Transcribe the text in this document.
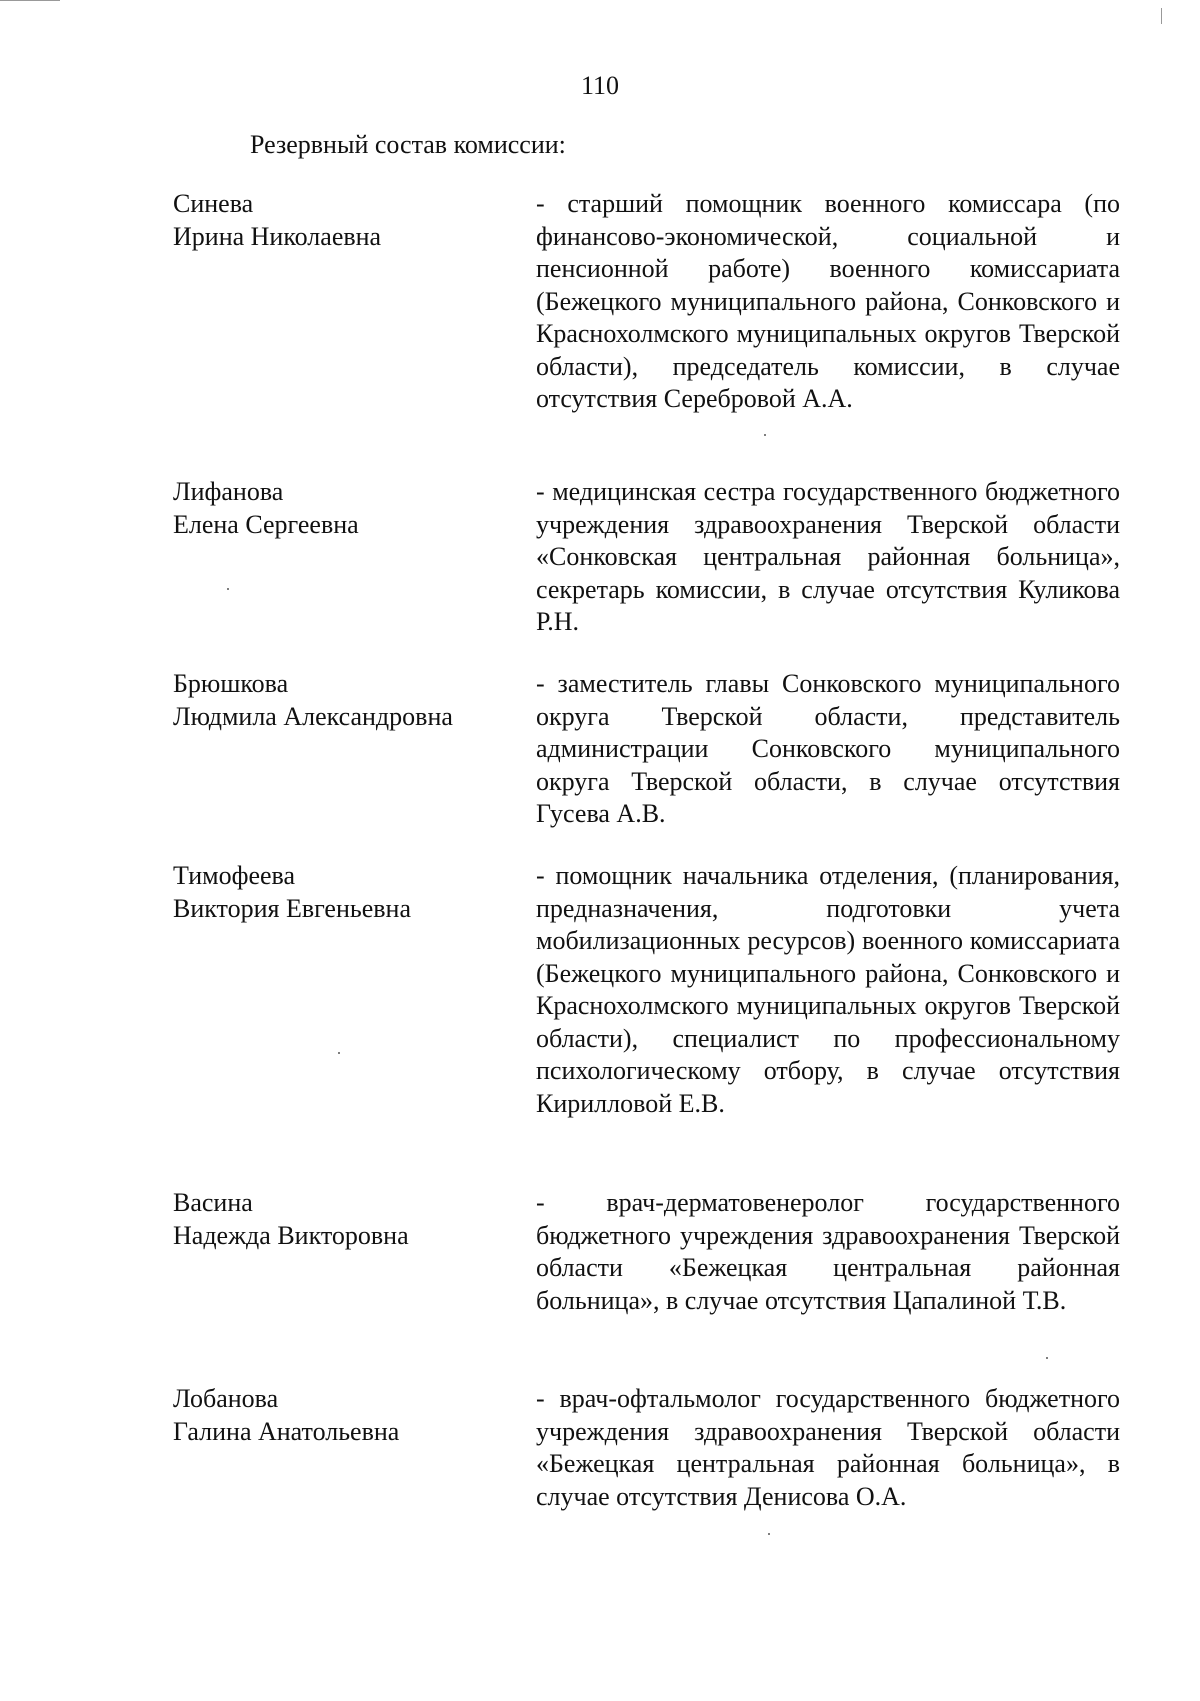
110
Резервный состав комиссии:
Синева
Ирина Николаевна
- старший помощник военного комиссара (по финансово-экономической, социальной и пенсионной работе) военного комиссариата (Бежецкого муниципального района, Сонковского и Краснохолмского муниципальных округов Тверской области), председатель комиссии, в случае отсутствия Серебровой А.А.
Лифанова
Елена Сергеевна
- медицинская сестра государственного бюджетного учреждения здравоохранения Тверской области «Сонковская центральная районная больница», секретарь комиссии, в случае отсутствия Куликова Р.Н.
Брюшкова
Людмила Александровна
- заместитель главы Сонковского муниципального округа Тверской области, представитель администрации Сонковского муниципального округа Тверской области, в случае отсутствия Гусева А.В.
Тимофеева
Виктория Евгеньевна
- помощник начальника отделения, (планирования, предназначения, подготовки учета мобилизационных ресурсов) военного комиссариата (Бежецкого муниципального района, Сонковского и Краснохолмского муниципальных округов Тверской области), специалист по профессиональному психологическому отбору, в случае отсутствия Кирилловой Е.В.
Васина
Надежда Викторовна
- врач-дерматовенеролог государственного бюджетного учреждения здравоохранения Тверской области «Бежецкая центральная районная больница», в случае отсутствия Цапалиной Т.В.
Лобанова
Галина Анатольевна
- врач-офтальмолог государственного бюджетного учреждения здравоохранения Тверской области «Бежецкая центральная районная больница», в случае отсутствия Денисова О.А.
